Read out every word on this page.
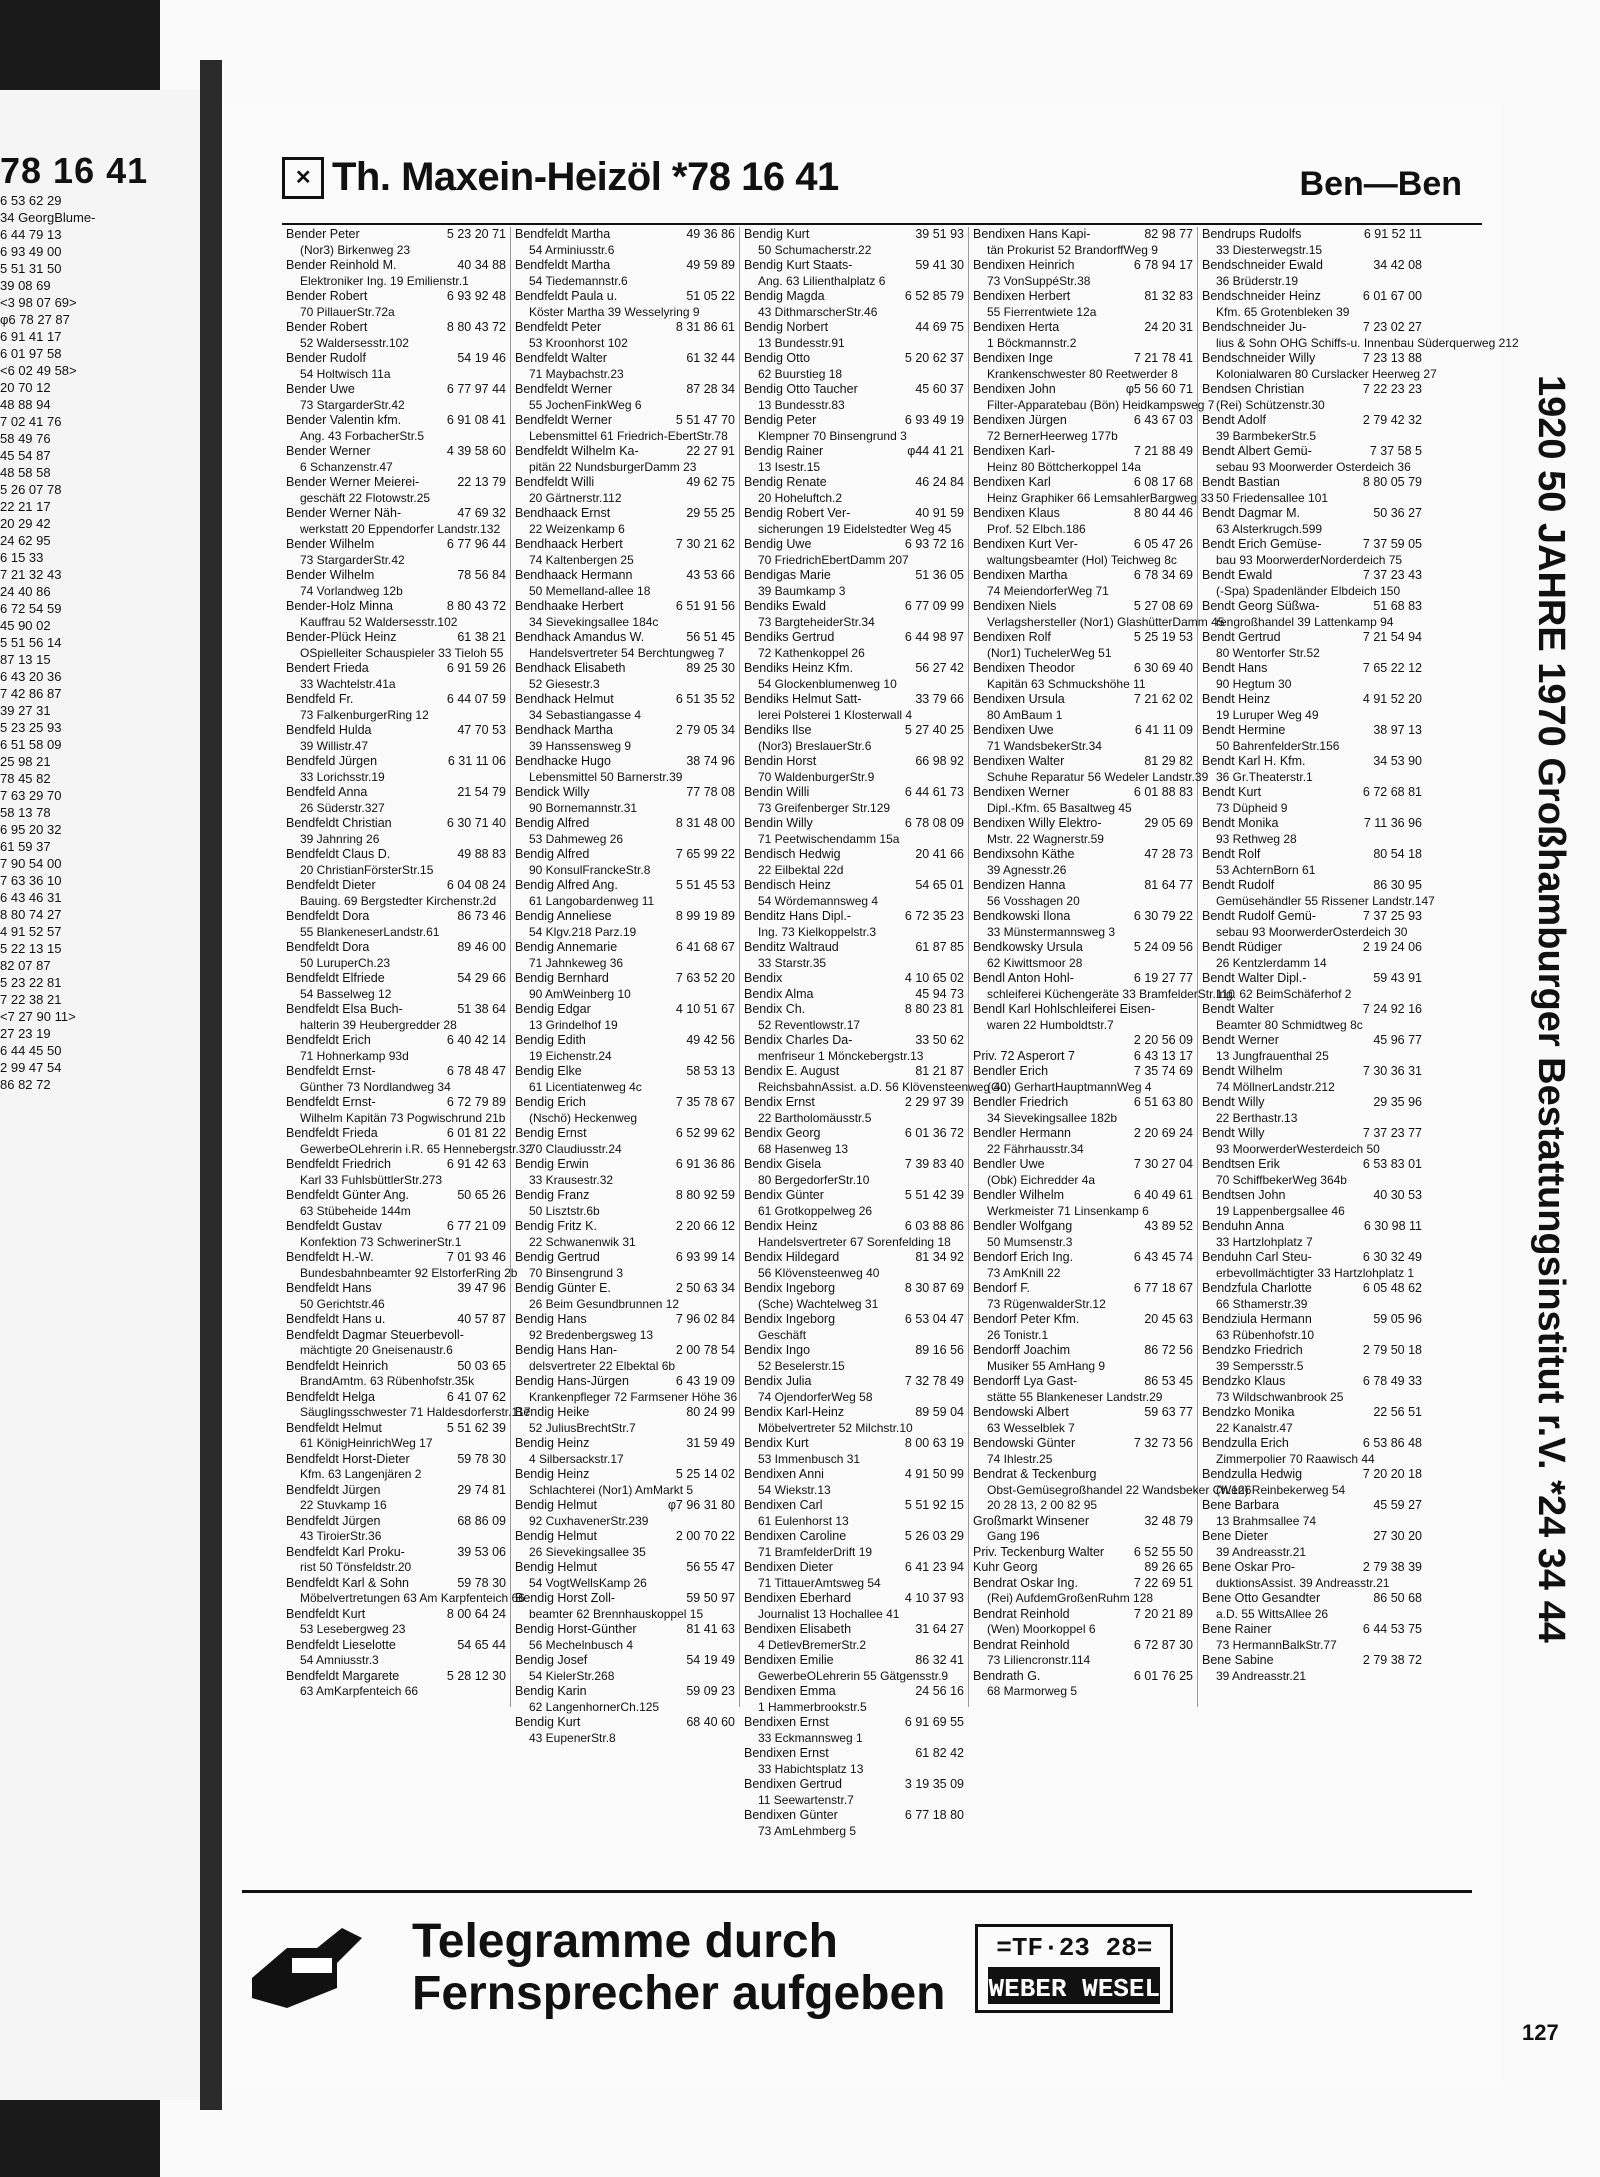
78 16 41
6 53 62 29
34 GeorgBlume-
6 44 79 13
6 93 49 00
5 51 31 50
39 08 69
<3 98 07 69>
φ6 78 27 87
6 91 41 17
6 01 97 58
<6 02 49 58>
20 70 12
48 88 94
7 02 41 76
58 49 76
45 54 87
48 58 58
5 26 07 78
22 21 17
20 29 42
24 62 95
6 15 33
7 21 32 43
24 40 86
6 72 54 59
45 90 02
5 51 56 14
87 13 15
6 43 20 36
7 42 86 87
39 27 31
5 23 25 93
6 51 58 09
25 98 21
78 45 82
7 63 29 70
58 13 78
6 95 20 32
61 59 37
7 90 54 00
7 63 36 10
6 43 46 31
8 80 74 27
4 91 52 57
5 22 13 15
82 07 87
5 23 22 81
7 22 38 21
<7 27 90 11>
27 23 19
6 44 45 50
2 99 47 54
86 82 72
✕ Th. Maxein-Heizöl *78 16 41	Ben—Ben
Bender Peter	5 23 20 71
(Nor3) Birkenweg 23
Bender Reinhold M.	40 34 88
Elektroniker Ing. 19 Emilienstr.1
Bender Robert	6 93 92 48
70 PillauerStr.72a
Bender Robert	8 80 43 72
52 Waldersesstr.102
Bender Rudolf	54 19 46
54 Holtwisch 11a
Bender Uwe	6 77 97 44
73 StargarderStr.42
Bender Valentin kfm.	6 91 08 41
Ang. 43 ForbacherStr.5
Bender Werner	4 39 58 60
6 Schanzenstr.47
Bender Werner Meierei-	22 13 79
geschäft 22 Flotowstr.25
Bender Werner Näh-	47 69 32
werkstatt 20 Eppendorfer Landstr.132
Bender Wilhelm	6 77 96 44
73 StargarderStr.42
Bender Wilhelm	78 56 84
74 Vorlandweg 12b
Bender-Holz Minna	8 80 43 72
Kauffrau 52 Waldersesstr.102
Bender-Plück Heinz	61 38 21
OSpielleiter Schauspieler 33 Tieloh 55
Bendert Frieda	6 91 59 26
33 Wachtelstr.41a
Bendfeld Fr.	6 44 07 59
73 FalkenburgerRing 12
Bendfeld Hulda	47 70 53
39 Willistr.47
Bendfeld Jürgen	6 31 11 06
33 Lorichsstr.19
Bendfeld Anna	21 54 79
26 Süderstr.327
Bendfeldt Christian	6 30 71 40
39 Jahnring 26
Bendfeldt Claus D.	49 88 83
20 ChristianFörsterStr.15
Bendfeldt Dieter	6 04 08 24
Bauing. 69 Bergstedter Kirchenstr.2d
Bendfeldt Dora	86 73 46
55 BlankeneserLandstr.61
Bendfeldt Dora	89 46 00
50 LuruperCh.23
Bendfeldt Elfriede	54 29 66
54 Basselweg 12
Bendfeldt Elsa Buch-	51 38 64
halterin 39 Heubergredder 28
Bendfeldt Erich	6 40 42 14
71 Hohnerkamp 93d
Bendfeldt Ernst-	6 78 48 47
Günther 73 Nordlandweg 34
Bendfeldt Ernst-	6 72 79 89
Wilhelm Kapitän 73 Pogwischrund 21b
Bendfeldt Frieda	6 01 81 22
GewerbeOLehrerin i.R. 65 Hennebergstr.32
Bendfeldt Friedrich	6 91 42 63
Karl 33 FuhlsbüttlerStr.273
Bendfeldt Günter Ang.	50 65 26
63 Stübeheide 144m
Bendfeldt Gustav	6 77 21 09
Konfektion 73 SchwerinerStr.1
Bendfeldt H.-W.	7 01 93 46
Bundesbahnbeamter 92 ElstorferRing 2b
Bendfeldt Hans	39 47 96
50 Gerichtstr.46
Bendfeldt Hans u.	40 57 87
Bendfeldt Dagmar Steuerbevoll-
mächtigte 20 Gneisenaustr.6
Bendfeldt Heinrich	50 03 65
BrandAmtm. 63 Rübenhofstr.35k
Bendfeldt Helga	6 41 07 62
Säuglingsschwester 71 Haldesdorferstr.117
Bendfeldt Helmut	5 51 62 39
61 KönigHeinrichWeg 17
Bendfeldt Horst-Dieter	59 78 30
Kfm. 63 Langenjären 2
Bendfeldt Jürgen	29 74 81
22 Stuvkamp 16
Bendfeldt Jürgen	68 86 09
43 TiroierStr.36
Bendfeldt Karl Proku-	39 53 06
rist 50 Tönsfeldstr.20
Bendfeldt Karl & Sohn	59 78 30
Möbelvertretungen 63 Am Karpfenteich 66
Bendfeldt Kurt	8 00 64 24
53 Lesebergweg 23
Bendfeldt Lieselotte	54 65 44
54 Amniusstr.3
Bendfeldt Margarete	5 28 12 30
63 AmKarpfenteich 66
Bendfeldt Martha	49 36 86
54 Arminiusstr.6
Bendfeldt Martha	49 59 89
54 Tiedemannstr.6
Bendfeldt Paula u.	51 05 22
Köster Martha 39 Wesselyring 9
Bendfeldt Peter	8 31 86 61
53 Kroonhorst 102
Bendfeldt Walter	61 32 44
71 Maybachstr.23
Bendfeldt Werner	87 28 34
55 JochenFinkWeg 6
Bendfeldt Werner	5 51 47 70
Lebensmittel 61 Friedrich-EbertStr.78
Bendfeldt Wilhelm Ka-	22 27 91
pitän 22 NundsburgerDamm 23
Bendfeldt Willi	49 62 75
20 Gärtnerstr.112
Bendhaack Ernst	29 55 25
22 Weizenkamp 6
Bendhaack Herbert	7 30 21 62
74 Kaltenbergen 25
Bendhaack Hermann	43 53 66
50 Memelland-allee 18
Bendhaake Herbert	6 51 91 56
34 Sievekingsallee 184c
Bendhack Amandus W.	56 51 45
Handelsvertreter 54 Berchtungweg 7
Bendhack Elisabeth	89 25 30
52 Giesestr.3
Bendhack Helmut	6 51 35 52
34 Sebastiangasse 4
Bendhack Martha	2 79 05 34
39 Hanssensweg 9
Bendhacke Hugo	38 74 96
Lebensmittel 50 Barnerstr.39
Bendick Willy	77 78 08
90 Bornemannstr.31
Bendig Alfred	8 31 48 00
53 Dahmeweg 26
Bendig Alfred	7 65 99 22
90 KonsulFranckeStr.8
Bendig Alfred Ang.	5 51 45 53
61 Langobardenweg 11
Bendig Anneliese	8 99 19 89
54 Klgv.218 Parz.19
Bendig Annemarie	6 41 68 67
71 Jahnkeweg 36
Bendig Bernhard	7 63 52 20
90 AmWeinberg 10
Bendig Edgar	4 10 51 67
13 Grindelhof 19
Bendig Edith	49 42 56
19 Eichenstr.24
Bendig Elke	58 53 13
61 Licentiatenweg 4c
Bendig Erich	7 35 78 67
(Nschö) Heckenweg
Bendig Ernst	6 52 99 62
70 Claudiusstr.24
Bendig Erwin	6 91 36 86
33 Krausestr.32
Bendig Franz	8 80 92 59
50 Lisztstr.6b
Bendig Fritz K.	2 20 66 12
22 Schwanenwik 31
Bendig Gertrud	6 93 99 14
70 Binsengrund 3
Bendig Günter E.	2 50 63 34
26 Beim Gesundbrunnen 12
Bendig Hans	7 96 02 84
92 Bredenbergsweg 13
Bendig Hans Han-	2 00 78 54
delsvertreter 22 Elbektal 6b
Bendig Hans-Jürgen	6 43 19 09
Krankenpfleger 72 Farmsener Höhe 36
Bendig Heike	80 24 99
52 JuliusBrechtStr.7
Bendig Heinz	31 59 49
4 Silbersackstr.17
Bendig Heinz	5 25 14 02
Schlachterei (Nor1) AmMarkt 5
Bendig Helmut	φ7 96 31 80
92 CuxhavenerStr.239
Bendig Helmut	2 00 70 22
26 Sievekingsallee 35
Bendig Helmut	56 55 47
54 VogtWellsKamp 26
Bendig Horst Zoll-	59 50 97
beamter 62 Brennhauskoppel 15
Bendig Horst-Günther	81 41 63
56 Mechelnbusch 4
Bendig Josef	54 19 49
54 KielerStr.268
Bendig Karin	59 09 23
62 LangenhornerCh.125
Bendig Kurt	68 40 60
43 EupenerStr.8
Bendig Kurt	39 51 93
50 Schumacherstr.22
Bendig Kurt Staats-	59 41 30
Ang. 63 Lilienthalplatz 6
Bendig Magda	6 52 85 79
43 DithmarscherStr.46
Bendig Norbert	44 69 75
13 Bundesstr.91
Bendig Otto	5 20 62 37
62 Buurstieg 18
Bendig Otto Taucher	45 60 37
13 Bundesstr.83
Bendig Peter	6 93 49 19
Klempner 70 Binsengrund 3
Bendig Rainer	φ44 41 21
13 Isestr.15
Bendig Renate	46 24 84
20 Hoheluftch.2
Bendig Robert Ver-	40 91 59
sicherungen 19 Eidelstedter Weg 45
Bendig Uwe	6 93 72 16
70 FriedrichEbertDamm 207
Bendigas Marie	51 36 05
39 Baumkamp 3
Bendiks Ewald	6 77 09 99
73 BargteheiderStr.34
Bendiks Gertrud	6 44 98 97
72 Kathenkoppel 26
Bendiks Heinz Kfm.	56 27 42
54 Glockenblumenweg 10
Bendiks Helmut Satt-	33 79 66
lerei Polsterei 1 Klosterwall 4
Bendiks Ilse	5 27 40 25
(Nor3) BreslauerStr.6
Bendin Horst	66 98 92
70 WaldenburgerStr.9
Bendin Willi	6 44 61 73
73 Greifenberger Str.129
Bendin Willy	6 78 08 09
71 Peetwischendamm 15a
Bendisch Hedwig	20 41 66
22 Eilbektal 22d
Bendisch Heinz	54 65 01
54 Wördemannsweg 4
Benditz Hans Dipl.-	6 72 35 23
Ing. 73 Kielkoppelstr.3
Benditz Waltraud	61 87 85
33 Starstr.35
Bendix	4 10 65 02
Bendix Alma	45 94 73
Bendix Ch.	8 80 23 81
52 Reventlowstr.17
Bendix Charles Da-	33 50 62
menfriseur 1 Mönckebergstr.13
Bendix E. August	81 21 87
ReichsbahnAssist. a.D. 56 Klövensteenweg 40
Bendix Ernst	2 29 97 39
22 Bartholomäusstr.5
Bendix Georg	6 01 36 72
68 Hasenweg 13
Bendix Gisela	7 39 83 40
80 BergedorferStr.10
Bendix Günter	5 51 42 39
61 Grotkoppelweg 26
Bendix Heinz	6 03 88 86
Handelsvertreter 67 Sorenfelding 18
Bendix Hildegard	81 34 92
56 Klövensteenweg 40
Bendix Ingeborg	8 30 87 69
(Sche) Wachtelweg 31
Bendix Ingeborg	6 53 04 47
Geschäft
Bendix Ingo	89 16 56
52 Beselerstr.15
Bendix Julia	7 32 78 49
74 OjendorferWeg 58
Bendix Karl-Heinz	89 59 04
Möbelvertreter 52 Milchstr.10
Bendix Kurt	8 00 63 19
53 Immenbusch 31
Bendixen Anni	4 91 50 99
54 Wiekstr.13
Bendixen Carl	5 51 92 15
61 Eulenhorst 13
Bendixen Caroline	5 26 03 29
71 BramfelderDrift 19
Bendixen Dieter	6 41 23 94
71 TittauerAmtsweg 54
Bendixen Eberhard	4 10 37 93
Journalist 13 Hochallee 41
Bendixen Elisabeth	31 64 27
4 DetlevBremerStr.2
Bendixen Emilie	86 32 41
GewerbeOLehrerin 55 Gätgensstr.9
Bendixen Emma	24 56 16
1 Hammerbrookstr.5
Bendixen Ernst	6 91 69 55
33 Eckmannsweg 1
Bendixen Ernst	61 82 42
33 Habichtsplatz 13
Bendixen Gertrud	3 19 35 09
11 Seewartenstr.7
Bendixen Günter	6 77 18 80
73 AmLehmberg 5
Bendixen Hans Kapi-	82 98 77
tän Prokurist 52 BrandorffWeg 9
Bendixen Heinrich	6 78 94 17
73 VonSuppéStr.38
Bendixen Herbert	81 32 83
55 Fierrentwiete 12a
Bendixen Herta	24 20 31
1 Böckmannstr.2
Bendixen Inge	7 21 78 41
Krankenschwester 80 Reetwerder 8
Bendixen John	φ5 56 60 71
Filter-Apparatebau (Bön) Heidkampsweg 7
Bendixen Jürgen	6 43 67 03
72 BernerHeerweg 177b
Bendixen Karl-	7 21 88 49
Heinz 80 Böttcherkoppel 14a
Bendixen Karl	6 08 17 68
Heinz Graphiker 66 LemsahlerBargweg 33
Bendixen Klaus	8 80 44 46
Prof. 52 Elbch.186
Bendixen Kurt Ver-	6 05 47 26
waltungsbeamter (Hol) Teichweg 8c
Bendixen Martha	6 78 34 69
74 MeiendorferWeg 71
Bendixen Niels	5 27 08 69
Verlagshersteller (Nor1) GlashütterDamm 45
Bendixen Rolf	5 25 19 53
(Nor1) TuchelerWeg 51
Bendixen Theodor	6 30 69 40
Kapitän 63 Schmuckshöhe 11
Bendixen Ursula	7 21 62 02
80 AmBaum 1
Bendixen Uwe	6 41 11 09
71 WandsbekerStr.34
Bendixen Walter	81 29 82
Schuhe Reparatur 56 Wedeler Landstr.39
Bendixen Werner	6 01 88 83
Dipl.-Kfm. 65 Basaltweg 45
Bendixen Willy Elektro-	29 05 69
Mstr. 22 Wagnerstr.59
Bendixsohn Käthe	47 28 73
39 Agnesstr.26
Bendizen Hanna	81 64 77
56 Vosshagen 20
Bendkowski Ilona	6 30 79 22
33 Münstermannsweg 3
Bendkowsky Ursula	5 24 09 56
62 Kiwittsmoor 28
Bendl Anton Hohl-	6 19 27 77
schleiferei Küchengeräte 33 BramfelderStr.110
Bendl Karl Hohlschleiferei Eisen-
waren 22 Humboldtstr.7
2 20 56 09
Priv. 72 Asperort 7	6 43 13 17
Bendler Erich	7 35 74 69
(Gü) GerhartHauptmannWeg 4
Bendler Friedrich	6 51 63 80
34 Sievekingsallee 182b
Bendler Hermann	2 20 69 24
22 Fährhausstr.34
Bendler Uwe	7 30 27 04
(Obk) Eichredder 4a
Bendler Wilhelm	6 40 49 61
Werkmeister 71 Linsenkamp 6
Bendler Wolfgang	43 89 52
50 Mumsenstr.3
Bendorf Erich Ing.	6 43 45 74
73 AmKnill 22
Bendorf F.	6 77 18 67
73 RügenwalderStr.12
Bendorf Peter Kfm.	20 45 63
26 Tonistr.1
Bendorff Joachim	86 72 56
Musiker 55 AmHang 9
Bendorff Lya Gast-	86 53 45
stätte 55 Blankeneser Landstr.29
Bendowski Albert	59 63 77
63 Wesselblek 7
Bendowski Günter	7 32 73 56
74 Ihlestr.25
Bendrat & Teckenburg
Obst-Gemüsegroßhandel 22 Wandsbeker Ch.126
20 28 13, 2 00 82 95
Großmarkt Winsener	32 48 79
Gang 196
Priv. Teckenburg Walter 6 52 55 50
Kuhr Georg	89 26 65
Bendrat Oskar Ing.	7 22 69 51
(Rei) AufdemGroßenRuhm 128
Bendrat Reinhold	7 20 21 89
(Wen) Moorkoppel 6
Bendrat Reinhold	6 72 87 30
73 Liliencronstr.114
Bendrath G.	6 01 76 25
68 Marmorweg 5
Bendrups Rudolfs	6 91 52 11
33 Diesterwegstr.15
Bendschneider Ewald	34 42 08
36 Brüderstr.19
Bendschneider Heinz	6 01 67 00
Kfm. 65 Grotenbleken 39
Bendschneider Ju-	7 23 02 27
lius & Sohn OHG Schiffs-u. Innenbau Süderquerweg 212
Bendschneider Willy	7 23 13 88
Kolonialwaren 80 Curslacker Heerweg 27
Bendsen Christian	7 22 23 23
(Rei) Schützenstr.30
Bendt Adolf	2 79 42 32
39 BarmbekerStr.5
Bendt Albert Gemü-	7 37 58 5
sebau 93 Moorwerder Osterdeich 36
Bendt Bastian	8 80 05 79
50 Friedensallee 101
Bendt Dagmar M.	50 36 27
63 Alsterkrugch.599
Bendt Erich Gemüse-	7 37 59 05
bau 93 MoorwerderNorderdeich 75
Bendt Ewald	7 37 23 43
(-Spa) Spadenländer Elbdeich 150
Bendt Georg Süßwa-	51 68 83
rengroßhandel 39 Lattenkamp 94
Bendt Gertrud	7 21 54 94
80 Wentorfer Str.52
Bendt Hans	7 65 22 12
90 Hegtum 30
Bendt Heinz	4 91 52 20
19 Luruper Weg 49
Bendt Hermine	38 97 13
50 BahrenfelderStr.156
Bendt Karl H. Kfm.	34 53 90
36 Gr.Theaterstr.1
Bendt Kurt	6 72 68 81
73 Düpheid 9
Bendt Monika	7 11 36 96
93 Rethweg 28
Bendt Rolf	80 54 18
53 AchternBorn 61
Bendt Rudolf	86 30 95
Gemüsehändler 55 Rissener Landstr.147
Bendt Rudolf Gemü-	7 37 25 93
sebau 93 MoorwerderOsterdeich 30
Bendt Rüdiger	2 19 24 06
26 Kentzlerdamm 14
Bendt Walter Dipl.-	59 43 91
Ing. 62 BeimSchäferhof 2
Bendt Walter	7 24 92 16
Beamter 80 Schmidtweg 8c
Bendt Werner	45 96 77
13 Jungfrauenthal 25
Bendt Wilhelm	7 30 36 31
74 MöllnerLandstr.212
Bendt Willy	29 35 96
22 Berthastr.13
Bendt Willy	7 37 23 77
93 MoorwerderWesterdeich 50
Bendtsen Erik	6 53 83 01
70 SchiffbekerWeg 364b
Bendtsen John	40 30 53
19 Lappenbergsallee 46
Benduhn Anna	6 30 98 11
33 Hartzlohplatz 7
Benduhn Carl Steu-	6 30 32 49
erbevollmächtigter 33 Hartzlohplatz 1
Bendzfula Charlotte	6 05 48 62
66 Sthamerstr.39
Bendziula Hermann	59 05 96
63 Rübenhofstr.10
Bendzko Friedrich	2 79 50 18
39 Sempersstr.5
Bendzko Klaus	6 78 49 33
73 Wildschwanbrook 25
Bendzko Monika	22 56 51
22 Kanalstr.47
Bendzulla Erich	6 53 86 48
Zimmerpolier 70 Raawisch 44
Bendzulla Hedwig	7 20 20 18
(Wen) Reinbekerweg 54
Bene Barbara	45 59 27
13 Brahmsallee 74
Bene Dieter	27 30 20
39 Andreasstr.21
Bene Oskar Pro-	2 79 38 39
duktionsAssist. 39 Andreasstr.21
Bene Otto Gesandter	86 50 68
a.D. 55 WittsAllee 26
Bene Rainer	6 44 53 75
73 HermannBalkStr.77
Bene Sabine	2 79 38 72
39 Andreasstr.21
1920 50 JAHRE 1970 Großhamburger Bestattungsinstitut r.V. *24 34 44
Telegramme durch
Fernsprecher aufgeben
=TF·23 28=
WEBER WESEL
127
